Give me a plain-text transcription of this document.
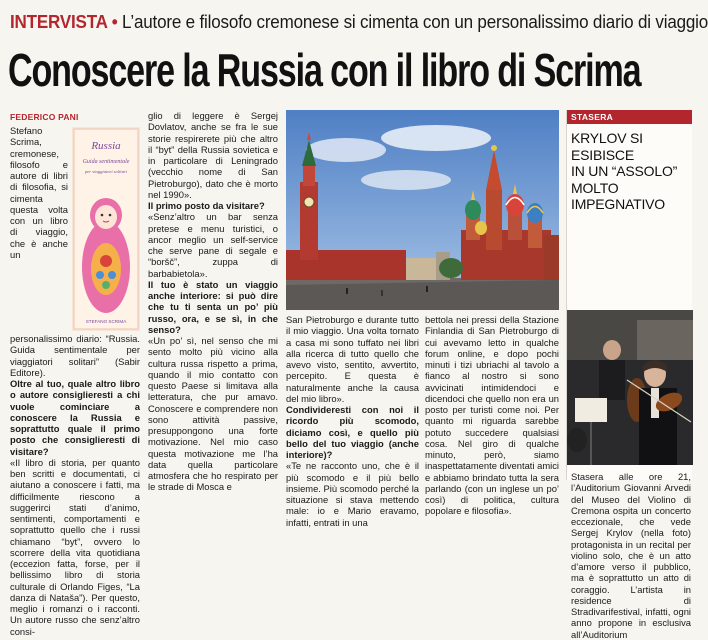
INTERVISTA • L’autore e filosofo cremonese si cimenta con un personalissimo diario di viaggio
Conoscere la Russia con il libro di Scrima
FEDERICO PANI
Russia
Guida sentimentale
per viaggiatori solitari
STEFANO SCRIMA

Stefano Scrima, cremonese, filosofo e autore di libri di filosofia, si cimenta questa volta con un libro di viaggio, che è anche un personalissimo diario: “Russia. Guida sentimentale per viaggiatori solitari” (Sabir Editore).

Oltre al tuo, quale altro libro o autore consiglieresti a chi vuole cominciare a conoscere la Russia e soprattutto quale il primo posto che consiglieresti di visitare?

«Il libro di storia, per quanto ben scritti e documentati, ci aiutano a conoscere i fatti, ma difficilmente riescono a suggerirci stati d’animo, sentimenti, comportamenti e soprattutto quello che i russi chiamano “byt”, ovvero lo scorrere della vita quotidiana (eccezion fatta, forse, per il bellissimo libro di storia culturale di Orlando Figes, “La danza di Nataša”). Per questo, meglio i romanzi o i racconti. Un autore russo che senz’altro consi-

glio di leggere è Sergej Dovlatov, anche se fra le sue storie respirerete più che altro il “byt” della Russia sovietica e in particolare di Leningrado (vecchio nome di San Pietroburgo), dato che è morto nel 1990».

Il primo posto da visitare?

«Senz’altro un bar senza pretese e menu turistici, o ancor meglio un self-service che serve pane di segale e “boršč”, zuppa di barbabietola».

Il tuo è stato un viaggio anche interiore: si può dire che tu ti senta un po’ più russo, ora, e se sì, in che senso?

«Un po’ sì, nel senso che mi sento molto più vicino alla cultura russa rispetto a prima, quando il mio contatto con questo Paese si limitava alla letteratura, che pur amavo. Conoscere e comprendere non sono attività passive, presuppongono una forte motivazione. Nel mio caso questa motivazione me l’ha data quella particolare atmosfera che ho respirato per le strade di Mosca e

San Pietroburgo e durante tutto il mio viaggio. Una volta tornato a casa mi sono tuffato nei libri alla ricerca di tutto quello che avevo visto, sentito, avvertito, percepito. E questa è naturalmente anche la causa del mio libro».

Condivideresti con noi il ricordo più scomodo, diciamo così, e quello più bello del tuo viaggio (anche interiore)?

«Te ne racconto uno, che è il più scomodo e il più bello insieme. Più scomodo perché la situazione si stava mettendo male: io e Mario eravamo, infatti, entrati in una

bettola nei pressi della Stazione Finlandia di San Pietroburgo di cui avevamo letto in qualche forum online, e dopo pochi minuti i tizi ubriachi al tavolo a fianco al nostro si sono avvicinati intimidendoci e dicendoci che quello non era un posto per turisti come noi. Per quanto mi riguarda sarebbe potuto succedere qualsiasi cosa. Nel giro di qualche minuto, però, siamo inaspettatamente diventati amici e abbiamo brindato tutta la sera parlando (con un inglese un po’ così) di politica, cultura popolare e filosofia».

STASERA
KRYLOV SI ESIBISCE
IN UN “ASSOLO”
MOLTO IMPEGNATIVO
Stasera alle ore 21, l’Auditorium Giovanni Arvedi del Museo del Violino di Cremona ospita un concerto eccezionale, che vede Sergej Krylov (nella foto) protagonista in un recital per violino solo, che è un atto d’amore verso il pubblico, ma è soprattutto un atto di coraggio. L’artista in residence di Stradivarifestival, infatti, ogni anno propone in esclusiva all’Auditorium
